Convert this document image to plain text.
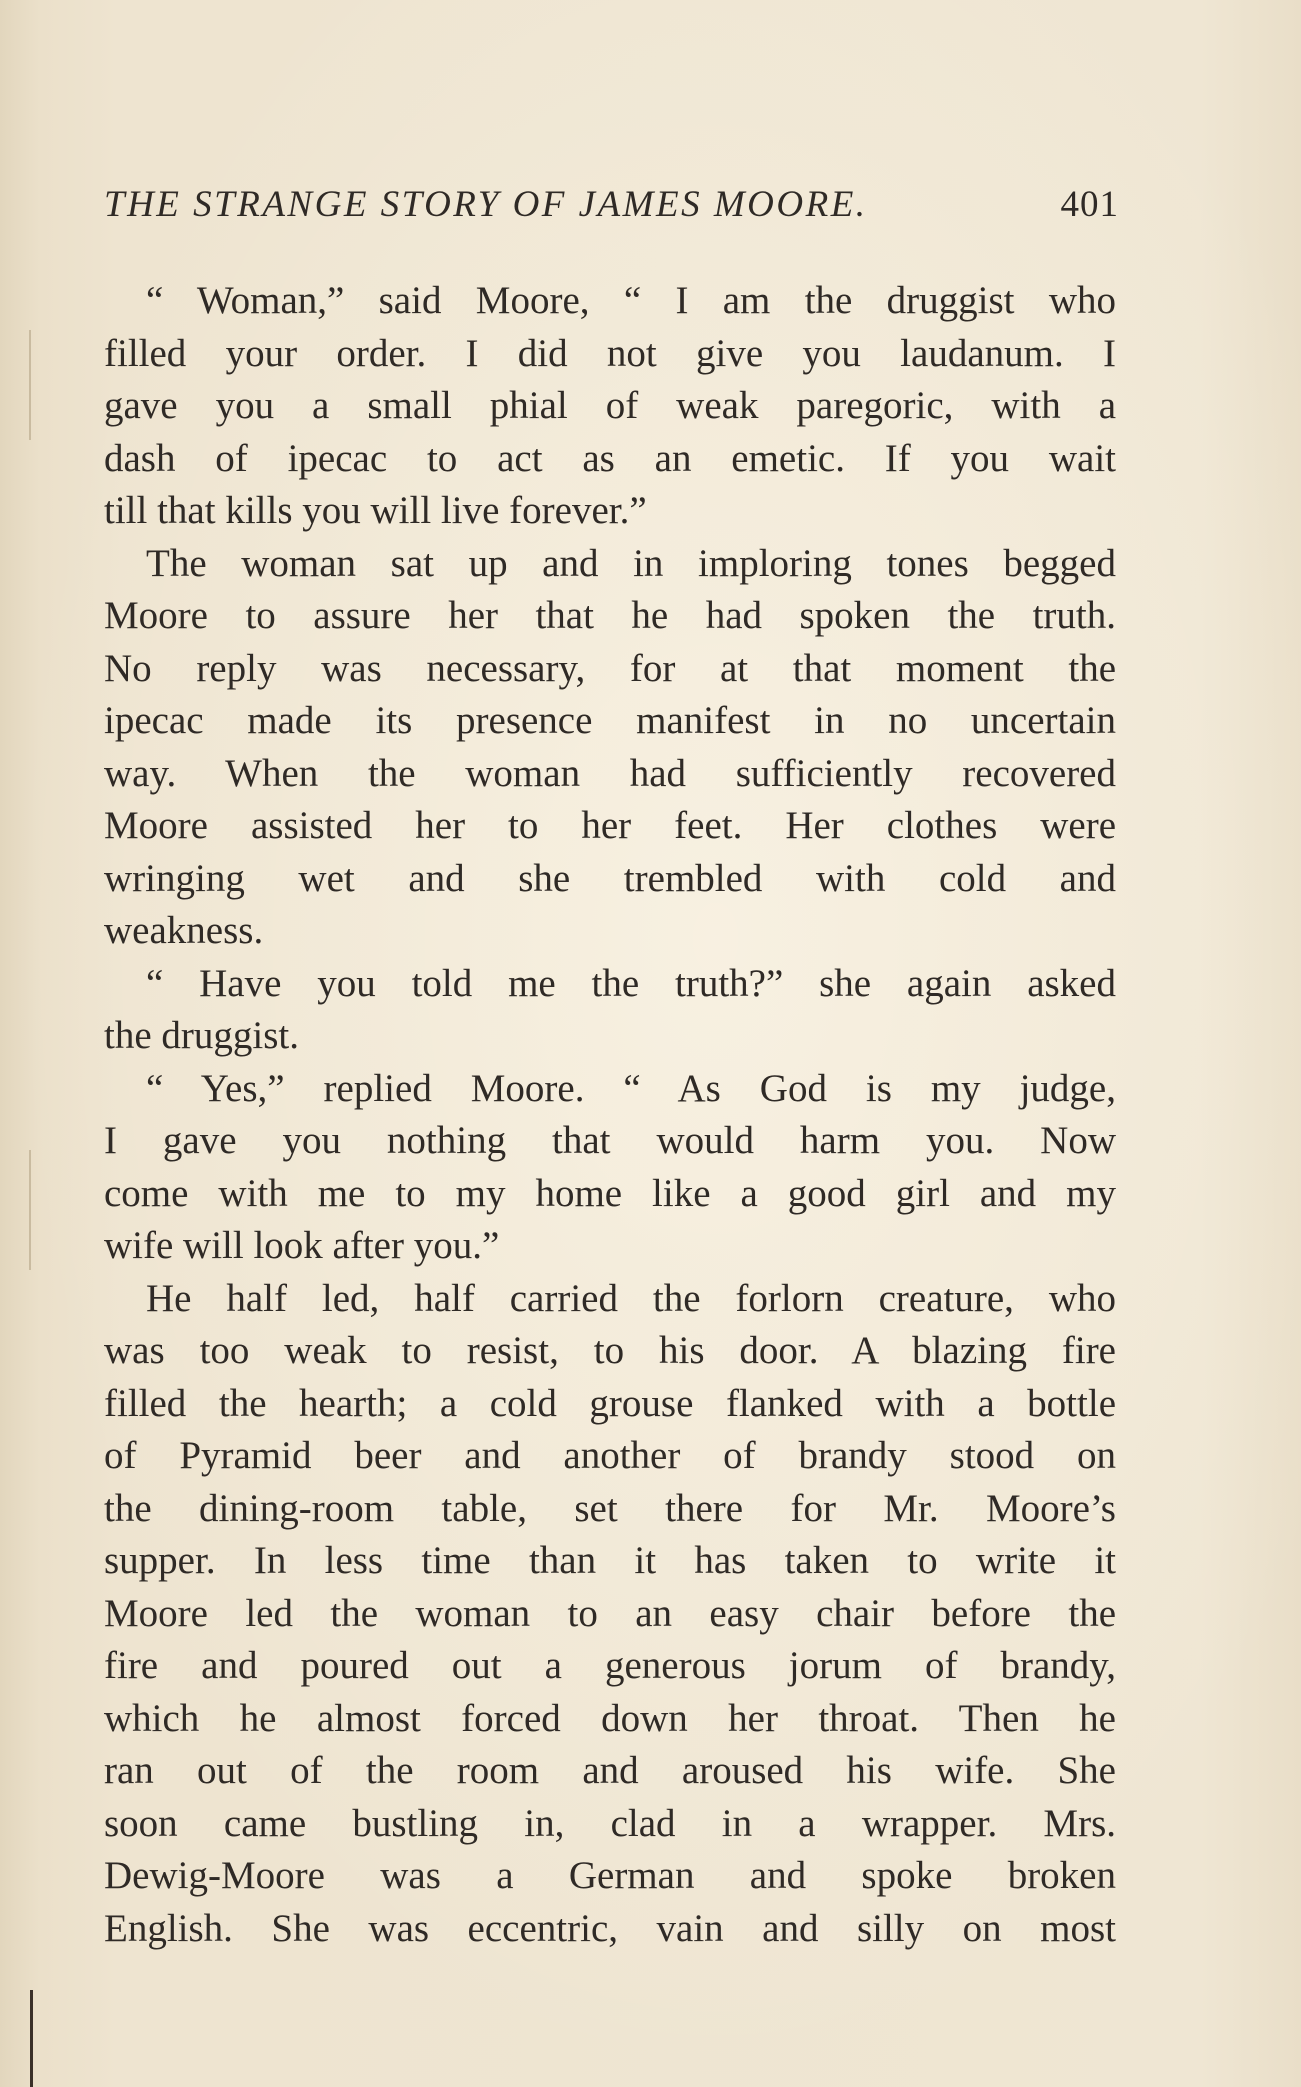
THE STRANGE STORY OF JAMES MOORE.	401

“ Woman,” said Moore, “ I am the druggist who
filled your order. I did not give you laudanum. I
gave you a small phial of weak paregoric, with a
dash of ipecac to act as an emetic. If you wait
till that kills you will live forever.”

The woman sat up and in imploring tones begged
Moore to assure her that he had spoken the truth.
No reply was necessary, for at that moment the
ipecac made its presence manifest in no uncertain
way. When the woman had sufficiently recovered
Moore assisted her to her feet. Her clothes were
wringing wet and she trembled with cold and
weakness.

“ Have you told me the truth?” she again asked
the druggist.

“ Yes,” replied Moore. “ As God is my judge,
I gave you nothing that would harm you. Now
come with me to my home like a good girl and my
wife will look after you.”

He half led, half carried the forlorn creature, who
was too weak to resist, to his door. A blazing fire
filled the hearth; a cold grouse flanked with a bottle
of Pyramid beer and another of brandy stood on
the dining-room table, set there for Mr. Moore’s
supper. In less time than it has taken to write it
Moore led the woman to an easy chair before the
fire and poured out a generous jorum of brandy,
which he almost forced down her throat. Then he
ran out of the room and aroused his wife. She
soon came bustling in, clad in a wrapper. Mrs.
Dewig-Moore was a German and spoke broken
English. She was eccentric, vain and silly on most
